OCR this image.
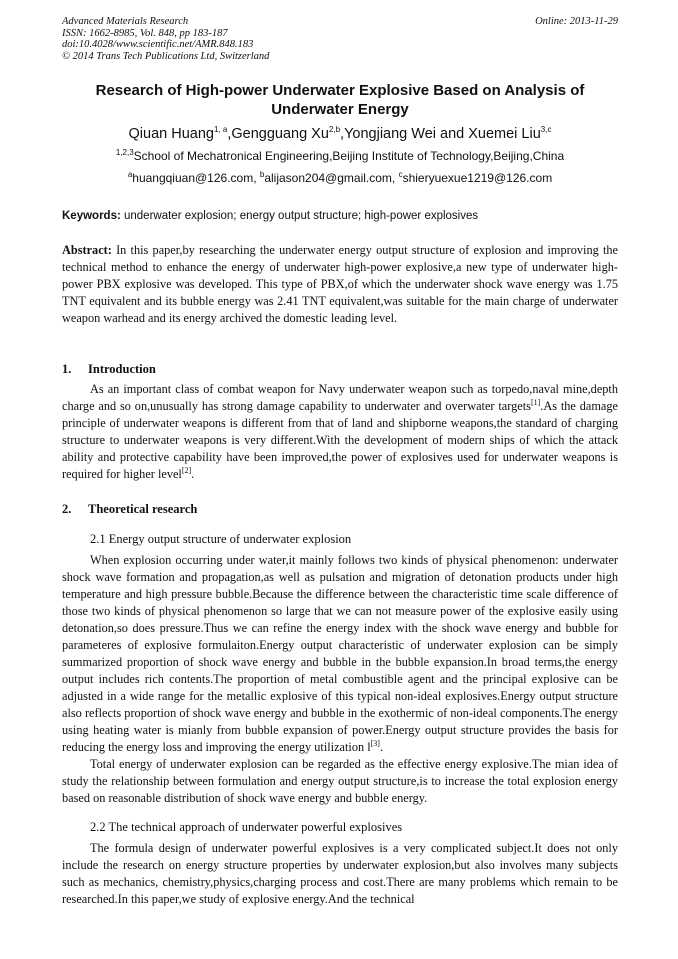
Advanced Materials Research
ISSN: 1662-8985, Vol. 848, pp 183-187
doi:10.4028/www.scientific.net/AMR.848.183
© 2014 Trans Tech Publications Ltd, Switzerland
Online: 2013-11-29
Research of High-power Underwater Explosive Based on Analysis of Underwater Energy
Qiuan Huang$^{1, a}$,Gengguang Xu$^{2,b}$,Yongjiang Wei and Xuemei Liu$^{3,c}$
$^{1,2,3}$School of Mechatronical Engineering,Beijing Institute of Technology,Beijing,China
$^a$huangqiuan@126.com, $^b$alijason204@gmail.com, $^c$shieryuexue1219@126.com
Keywords: underwater explosion; energy output structure; high-power explosives
Abstract: In this paper,by researching the underwater energy output structure of explosion and improving the technical method to enhance the energy of underwater high-power explosive,a new type of underwater high-power PBX explosive was developed. This type of PBX,of which the underwater shock wave energy was 1.75 TNT equivalent and its bubble energy was 2.41 TNT equivalent,was suitable for the main charge of underwater weapon warhead and its energy archived the domestic leading level.
1. Introduction

As an important class of combat weapon for Navy underwater weapon such as torpedo,naval mine,depth charge and so on,unusually has strong damage capability to underwater and overwater targets[1].As the damage principle of underwater weapons is different from that of land and shipborne weapons,the standard of charging structure to underwater weapons is very different.With the development of modern ships of which the attack ability and protective capability have been improved,the power of explosives used for underwater weapons is required for higher level[2].

2. Theoretical research
2.1 Energy output structure of underwater explosion

When explosion occurring under water,it mainly follows two kinds of physical phenomenon: underwater shock wave formation and propagation,as well as pulsation and migration of detonation products under high temperature and high pressure bubble.Because the difference between the characteristic time scale difference of those two kinds of physical phenomenon so large that we can not measure power of the explosive easily using detonation,so does pressure.Thus we can refine the energy index with the shock wave energy and bubble for parameteres of explosive formulaiton.Energy output characteristic of underwater explosion can be simply summarized proportion of shock wave energy and bubble in the bubble expansion.In broad terms,the energy output includes rich contents.The proportion of metal combustible agent and the principal explosive can be adjusted in a wide range for the metallic explosive of this typical non-ideal explosives.Energy output structure also reflects proportion of shock wave energy and bubble in the exothermic of non-ideal components.The energy using heating water is mianly from bubble expansion of power.Energy output structure provides the basis for reducing the energy loss and improving the energy utilization l[3].

Total energy of underwater explosion can be regarded as the effective energy explosive.The mian idea of study the relationship between formulation and energy output structure,is to increase the total explosion energy based on reasonable distribution of shock wave energy and bubble energy.

2.2 The technical approach of underwater powerful explosives

The formula design of underwater powerful explosives is a very complicated subject.It does not only include the research on energy structure properties by underwater explosion,but also involves many subjects such as mechanics, chemistry,physics,charging process and cost.There are many problems which remain to be researched.In this paper,we study of explosive energy.And the technical
